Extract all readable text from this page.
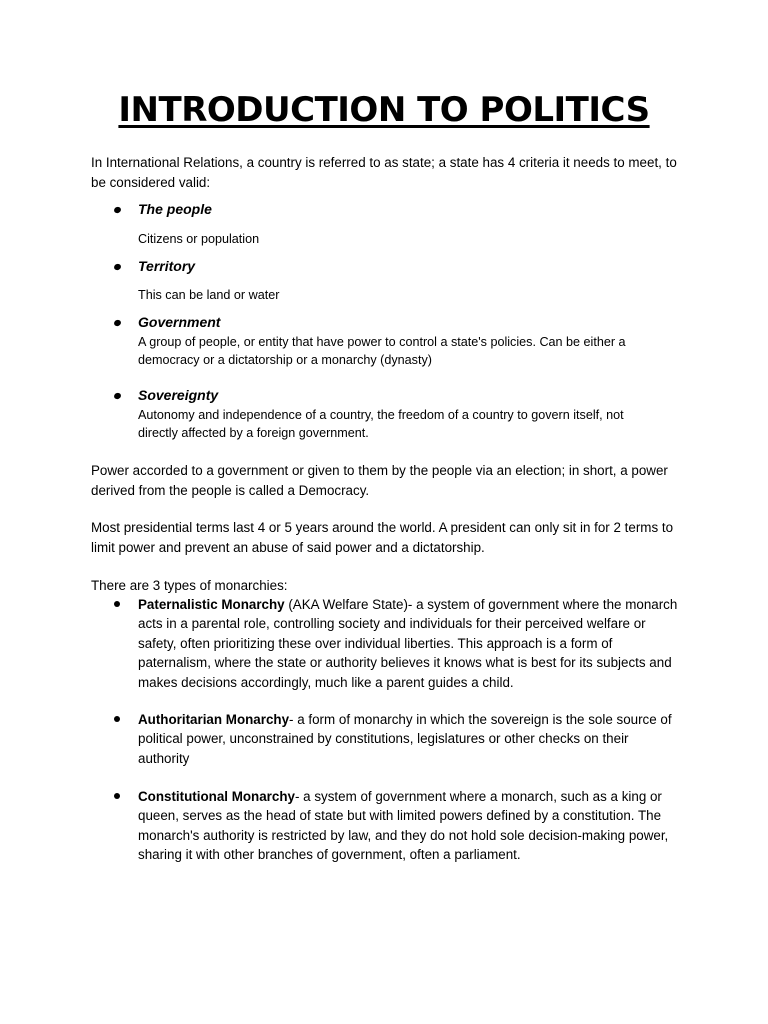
INTRODUCTION TO POLITICS

In International Relations, a country is referred to as state; a state has 4 criteria it needs to meet, to be considered valid:

The people

Citizens or population

Territory

This can be land or water

Government

A group of people, or entity that have power to control a state's policies. Can be either a democracy or a dictatorship or a monarchy (dynasty)

Sovereignty

Autonomy and independence of a country, the freedom of a country to govern itself, not directly affected by a foreign government.

Power accorded to a government or given to them by the people via an election; in short, a power derived from the people is called a Democracy.

Most presidential terms last 4 or 5 years around the world. A president can only sit in for 2 terms to limit power and prevent an abuse of said power and a dictatorship.

There are 3 types of monarchies:

Paternalistic Monarchy (AKA Welfare State)- a system of government where the monarch acts in a parental role, controlling society and individuals for their perceived welfare or safety, often prioritizing these over individual liberties. This approach is a form of paternalism, where the state or authority believes it knows what is best for its subjects and makes decisions accordingly, much like a parent guides a child.

Authoritarian Monarchy- a form of monarchy in which the sovereign is the sole source of political power, unconstrained by constitutions, legislatures or other checks on their authority

Constitutional Monarchy- a system of government where a monarch, such as a king or queen, serves as the head of state but with limited powers defined by a constitution. The monarch's authority is restricted by law, and they do not hold sole decision-making power, sharing it with other branches of government, often a parliament.
